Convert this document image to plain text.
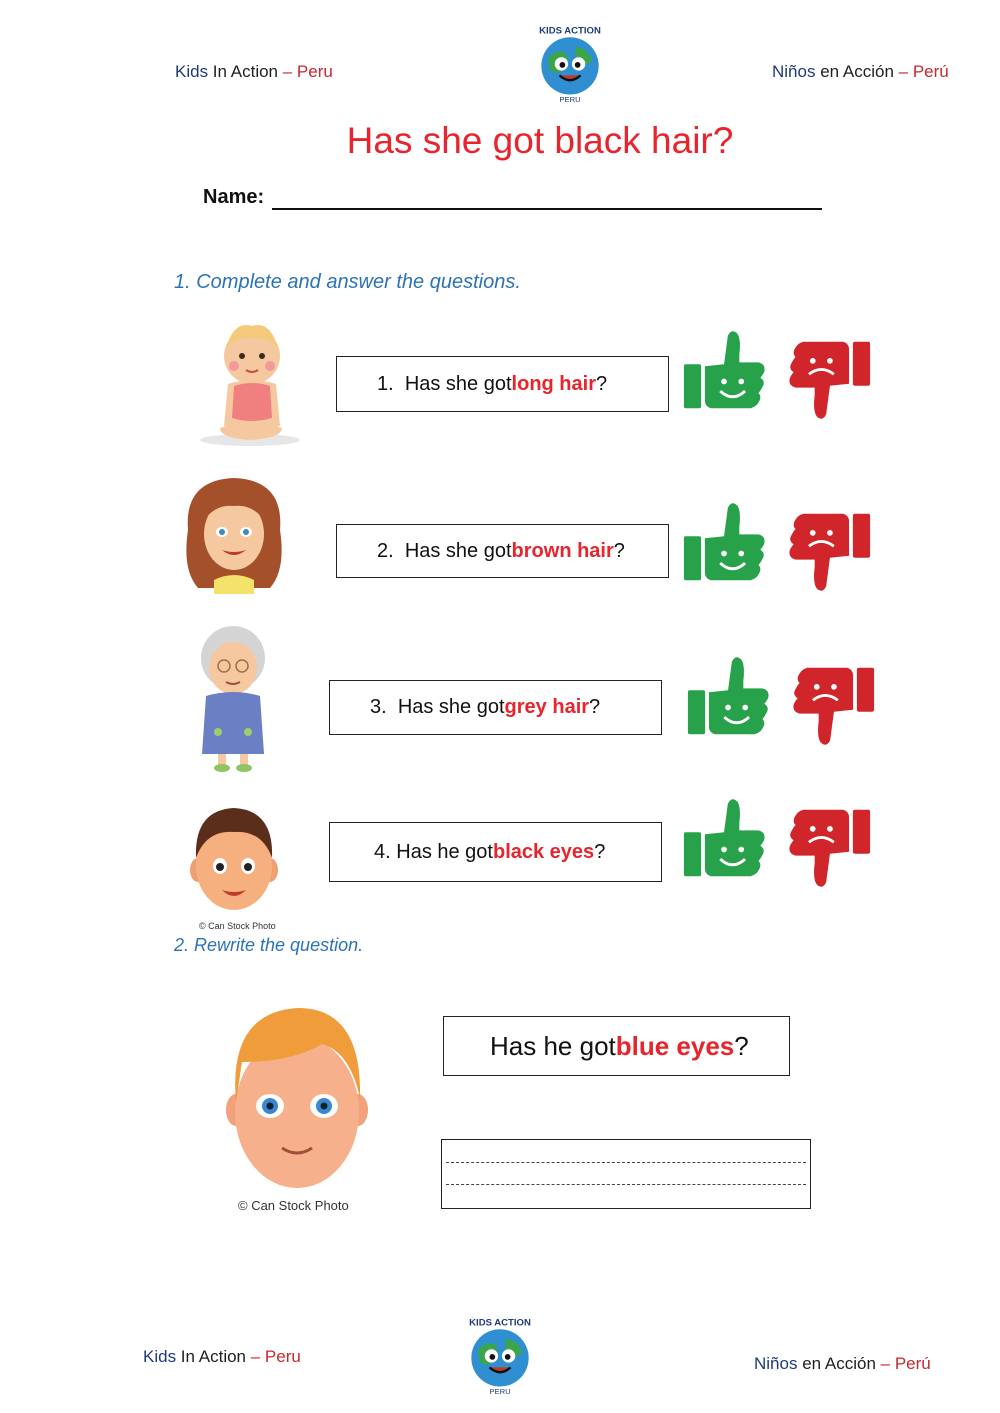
Kids In Action – Peru	Niños en Acción – Perú
Has she got black hair?
Name:
1. Complete and answer the questions.
1.
Has she got long hair ?
2.
Has she got brown hair ?
3.
Has she got grey hair ?
© Can Stock Photo
4.
Has he got black eyes ?
2. Rewrite the question.
© Can Stock Photo
Has he got blue eyes ?
Kids In Action – Peru	Niños en Acción – Perú
